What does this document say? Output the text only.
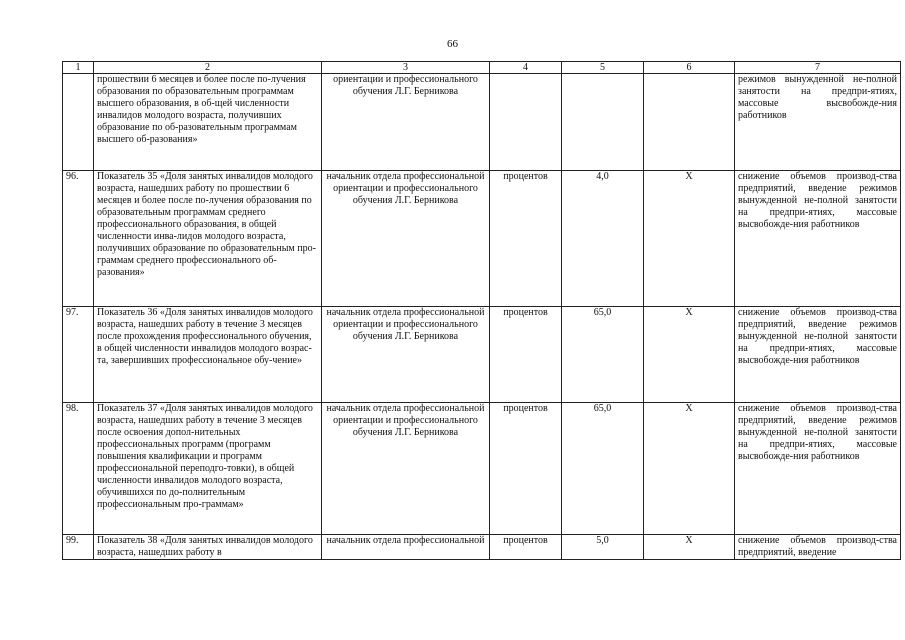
66
1	2	3	4	5	6	7
	прошествии 6 месяцев и более после по-лучения образования по образовательным программам высшего образования, в об-щей численности инвалидов молодого возраста, получивших образование по об-разовательным программам высшего об-разования»	ориентации и профессионального обучения Л.Г. Берникова				режимов вынужденной не-полной занятости на предпри-ятиях, массовые высвобожде-ния работников
96.	Показатель 35 «Доля занятых инвалидов молодого возраста, нашедших работу по прошествии 6 месяцев и более после по-лучения образования по образовательным программам среднего профессионального образования, в общей численности инва-лидов молодого возраста, получивших образование по образовательным про-граммам среднего профессионального об-разования»	начальник отдела профессиональной ориентации и профессионального обучения Л.Г. Берникова	процентов	4,0	X	снижение объемов производ-ства предприятий, введение режимов вынужденной не-полной занятости на предпри-ятиях, массовые высвобожде-ния работников
97.	Показатель 36 «Доля занятых инвалидов молодого возраста, нашедших работу в течение 3 месяцев после прохождения профессионального обучения, в общей численности инвалидов молодого возрас-та, завершивших профессиональное обу-чение»	начальник отдела профессиональной ориентации и профессионального обучения Л.Г. Берникова	процентов	65,0	X	снижение объемов производ-ства предприятий, введение режимов вынужденной не-полной занятости на предпри-ятиях, массовые высвобожде-ния работников
98.	Показатель 37 «Доля занятых инвалидов молодого возраста, нашедших работу в течение 3 месяцев после освоения допол-нительных профессиональных программ (программ повышения квалификации и программ профессиональной переподго-товки), в общей численности инвалидов молодого возраста, обучившихся по до-полнительным профессиональным про-граммам»	начальник отдела профессиональной ориентации и профессионального обучения Л.Г. Берникова	процентов	65,0	X	снижение объемов производ-ства предприятий, введение режимов вынужденной не-полной занятости на предпри-ятиях, массовые высвобожде-ния работников
99.	Показатель 38 «Доля занятых инвалидов молодого возраста, нашедших работу в	начальник отдела профессиональной	процентов	5,0	X	снижение объемов производ-ства предприятий, введение
